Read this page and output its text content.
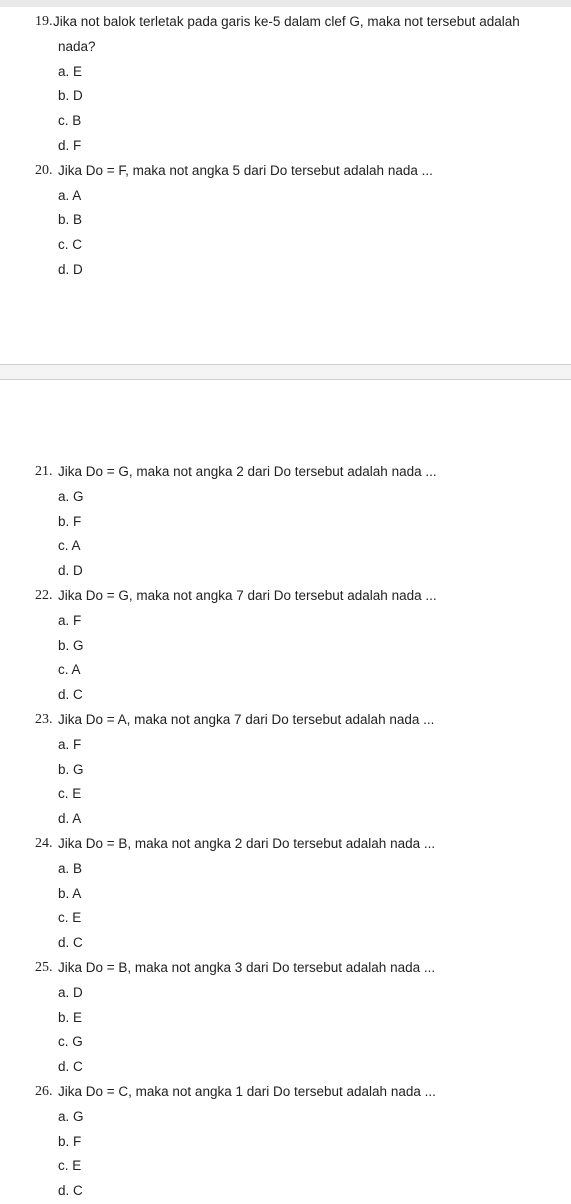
19. Jika not balok terletak pada garis ke-5 dalam clef G, maka not tersebut adalah
nada?
a. E
b. D
c. B
d. F
20. Jika Do = F, maka not angka 5 dari Do tersebut adalah nada ...
a. A
b. B
c. C
d. D
21. Jika Do = G, maka not angka 2 dari Do tersebut adalah nada ...
a. G
b. F
c. A
d. D
22. Jika Do = G, maka not angka 7 dari Do tersebut adalah nada ...
a. F
b. G
c. A
d. C
23. Jika Do = A, maka not angka 7 dari Do tersebut adalah nada ...
a. F
b. G
c. E
d. A
24. Jika Do = B, maka not angka 2 dari Do tersebut adalah nada ...
a. B
b. A
c. E
d. C
25. Jika Do = B, maka not angka 3 dari Do tersebut adalah nada ...
a. D
b. E
c. G
d. C
26. Jika Do = C, maka not angka 1 dari Do tersebut adalah nada ...
a. G
b. F
c. E
d. C
